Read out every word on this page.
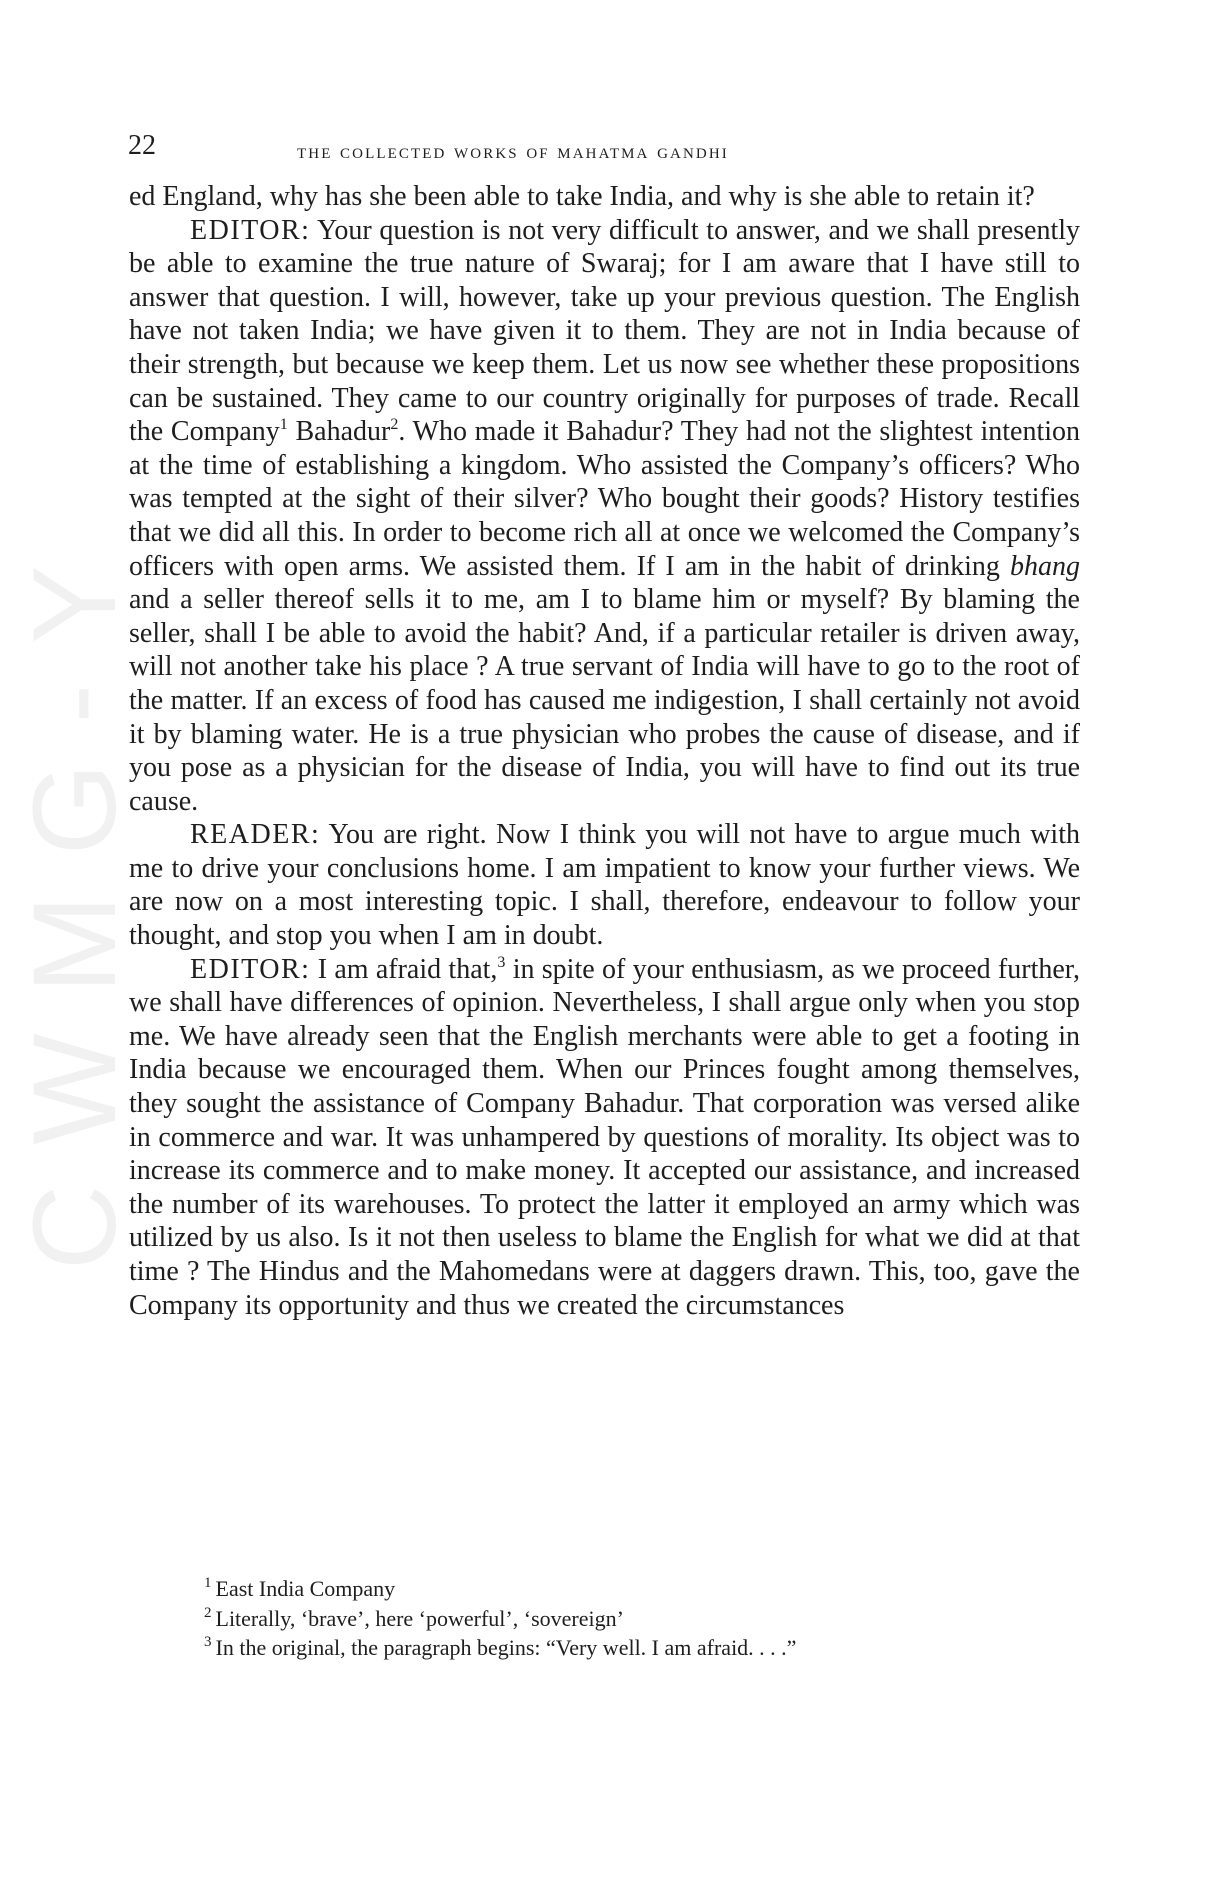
CWMG-Y
22	the collected works of mahatma gandhi

ed England, why has she been able to take India, and why is she able to retain it?

EDITOR: Your question is not very difficult to answer, and we shall presently be able to examine the true nature of Swaraj; for I am aware that I have still to answer that question. I will, however, take up your previous question. The English have not taken India; we have given it to them. They are not in India because of their strength, but because we keep them. Let us now see whether these propositions can be sustained. They came to our country originally for purposes of trade. Recall the Company$^1$ Bahadur$^2$. Who made it Bahadur? They had not the slightest intention at the time of establishing a kingdom. Who assisted the Company’s officers? Who was tempted at the sight of their silver? Who bought their goods? History testifies that we did all this. In order to become rich all at once we welcomed the Company’s officers with open arms. We assisted them. If I am in the habit of drinking bhang and a seller thereof sells it to me, am I to blame him or myself? By blaming the seller, shall I be able to avoid the habit? And, if a particular retailer is driven away, will not another take his place ? A true servant of India will have to go to the root of the matter. If an excess of food has caused me indigestion, I shall certainly not avoid it by blaming water. He is a true physician who probes the cause of disease, and if you pose as a physician for the disease of India, you will have to find out its true cause.

READER: You are right. Now I think you will not have to argue much with me to drive your conclusions home. I am impatient to know your further views. We are now on a most interesting topic. I shall, therefore, endeavour to follow your thought, and stop you when I am in doubt.

EDITOR: I am afraid that,$^3$ in spite of your enthusiasm, as we proceed further, we shall have differences of opinion. Nevertheless, I shall argue only when you stop me. We have already seen that the English merchants were able to get a footing in India because we encouraged them. When our Princes fought among themselves, they sought the assistance of Company Bahadur. That corporation was versed alike in commerce and war. It was unhampered by questions of morality. Its object was to increase its commerce and to make money. It accepted our assistance, and increased the number of its warehouses. To protect the latter it employed an army which was utilized by us also. Is it not then useless to blame the English for what we did at that time ? The Hindus and the Mahomedans were at daggers drawn. This, too, gave the Company its opportunity and thus we created the circumstances

$^1$ East India Company

$^2$ Literally, ‘brave’, here ‘powerful’, ‘sovereign’

$^3$ In the original, the paragraph begins: “Very well. I am afraid. . . .”
